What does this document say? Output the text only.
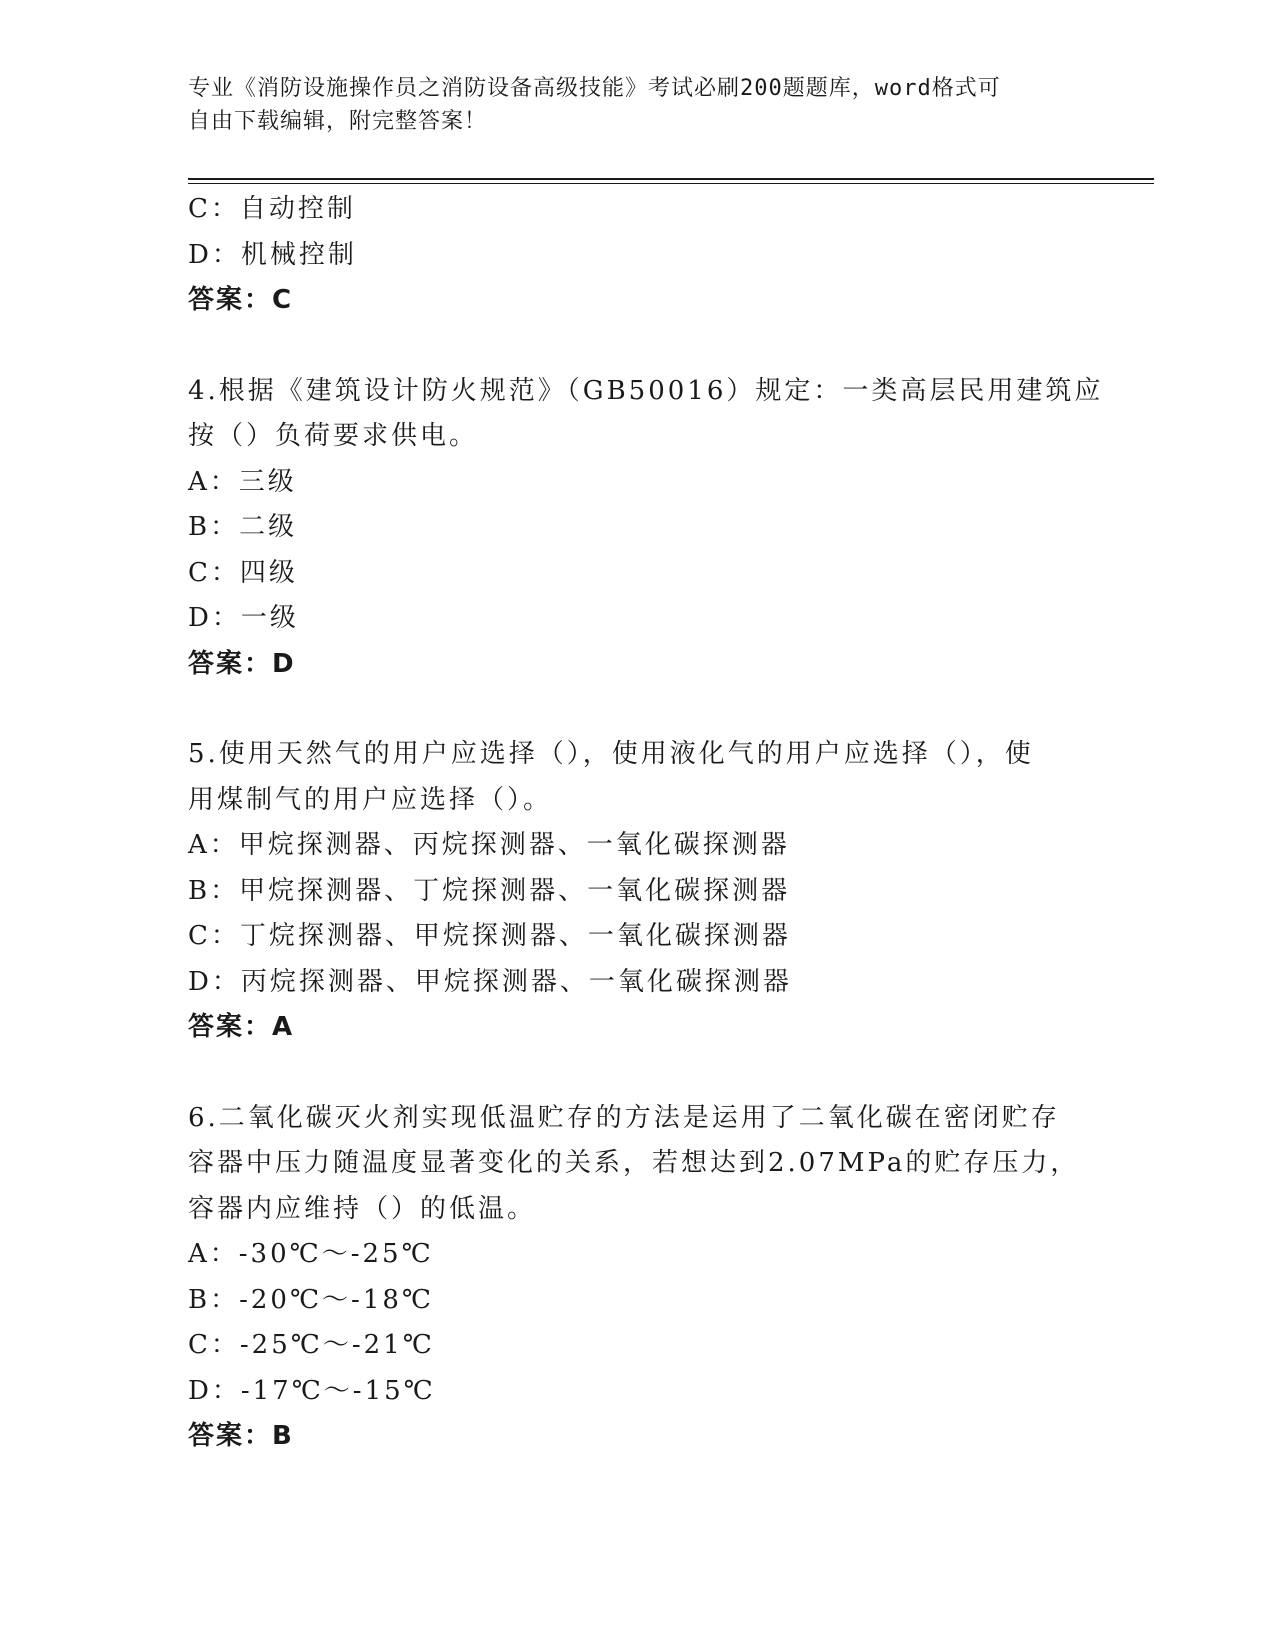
专业《消防设施操作员之消防设备高级技能》考试必刷200题题库，word格式可
自由下载编辑，附完整答案！
C：自动控制
D：机械控制
答案：C
4.根据《建筑设计防火规范》（GB50016）规定：一类高层民用建筑应
按（）负荷要求供电。
A：三级
B：二级
C：四级
D：一级
答案：D
5.使用天然气的用户应选择（），使用液化气的用户应选择（），使
用煤制气的用户应选择（）。
A：甲烷探测器、丙烷探测器、一氧化碳探测器
B：甲烷探测器、丁烷探测器、一氧化碳探测器
C：丁烷探测器、甲烷探测器、一氧化碳探测器
D：丙烷探测器、甲烷探测器、一氧化碳探测器
答案：A
6.二氧化碳灭火剂实现低温贮存的方法是运用了二氧化碳在密闭贮存
容器中压力随温度显著变化的关系，若想达到2.07MPa的贮存压力，
容器内应维持（）的低温。
A：-30℃～-25℃
B：-20℃～-18℃
C：-25℃～-21℃
D：-17℃～-15℃
答案：B
